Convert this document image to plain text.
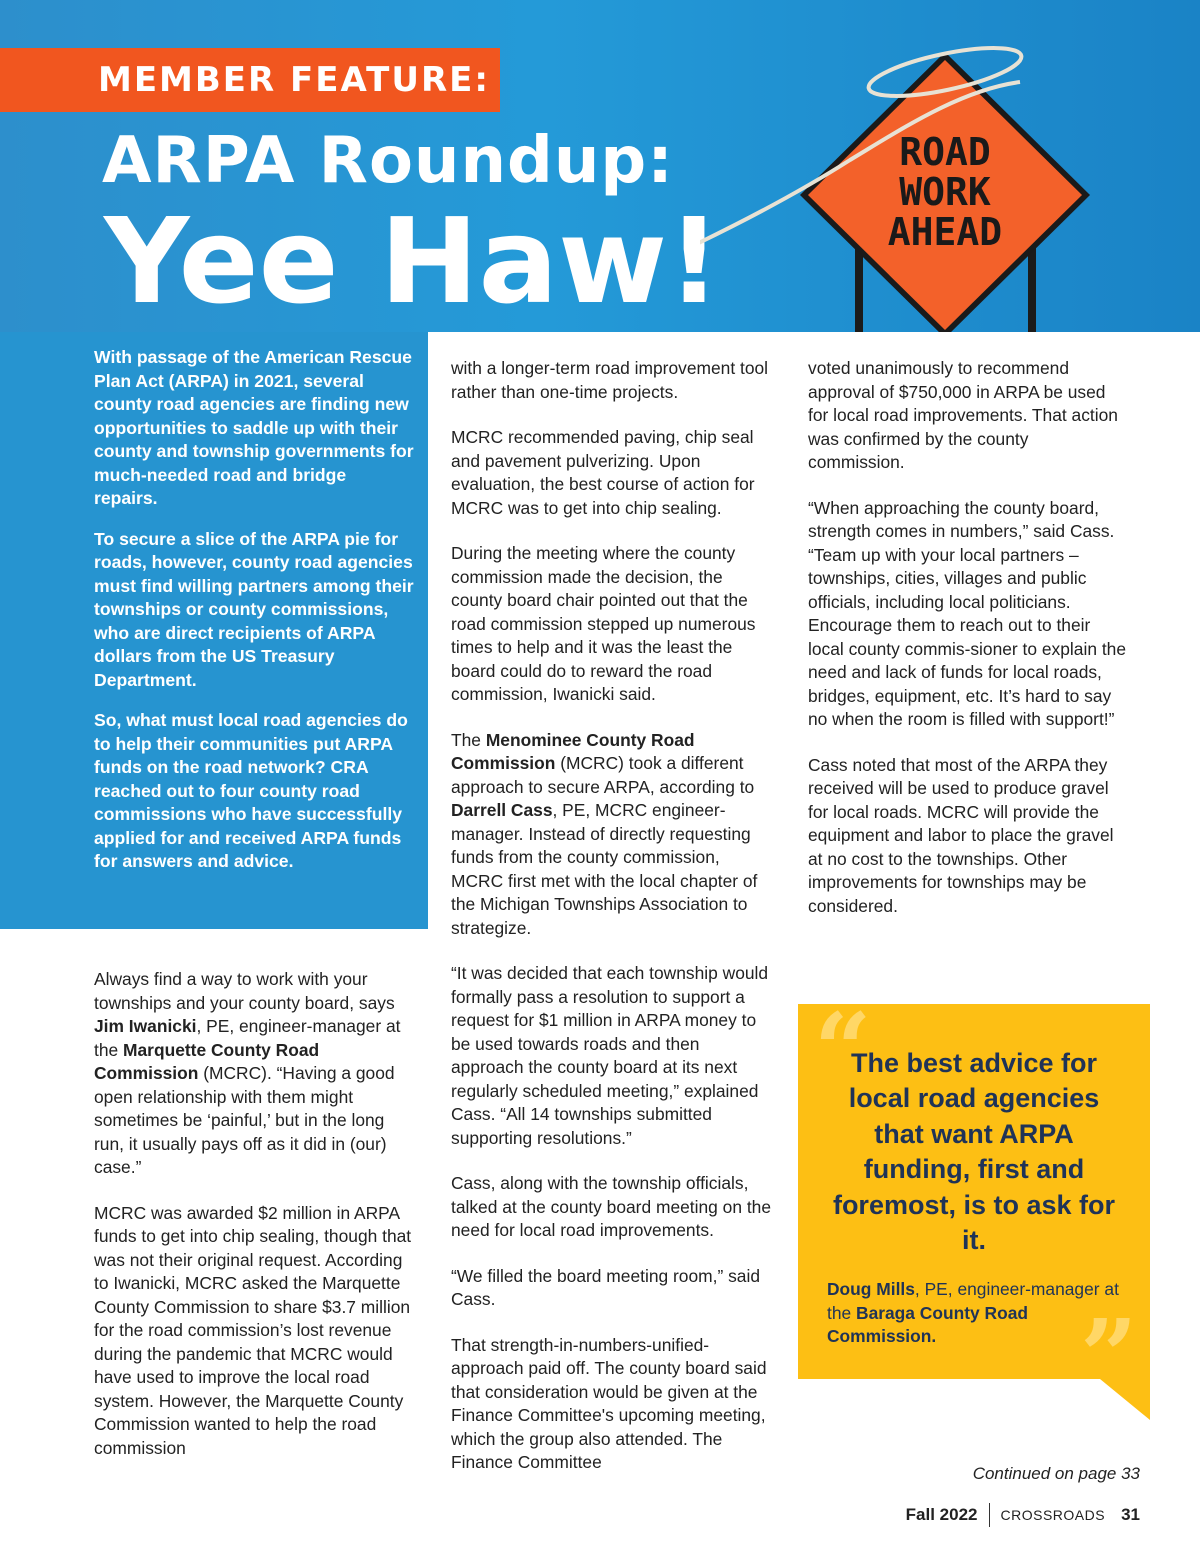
MEMBER FEATURE:
ARPA Roundup:
Yee Haw!
ROAD
WORK
AHEAD

With passage of the American Rescue Plan Act (ARPA) in 2021, several county road agencies are finding new opportunities to saddle up with their county and township governments for much-needed road and bridge repairs.

To secure a slice of the ARPA pie for roads, however, county road agencies must find willing partners among their townships or county commissions, who are direct recipients of ARPA dollars from the US Treasury Department.

So, what must local road agencies do to help their communities put ARPA funds on the road network? CRA reached out to four county road commissions who have successfully applied for and received ARPA funds for answers and advice.

Always find a way to work with your townships and your county board, says Jim Iwanicki, PE, engineer-manager at the Marquette County Road Commission (MCRC). “Having a good open relationship with them might sometimes be ‘painful,’ but in the long run, it usually pays off as it did in (our) case.”

MCRC was awarded $2 million in ARPA funds to get into chip sealing, though that was not their original request. According to Iwanicki, MCRC asked the Marquette County Commission to share $3.7 million for the road commission’s lost revenue during the pandemic that MCRC would have used to improve the local road system. However, the Marquette County Commission wanted to help the road commission

with a longer-term road improvement tool rather than one-time projects.

MCRC recommended paving, chip seal and pavement pulverizing. Upon evaluation, the best course of action for MCRC was to get into chip sealing.

During the meeting where the county commission made the decision, the county board chair pointed out that the road commission stepped up numerous times to help and it was the least the board could do to reward the road commission, Iwanicki said.

The Menominee County Road Commission (MCRC) took a different approach to secure ARPA, according to Darrell Cass, PE, MCRC engineer-manager. Instead of directly requesting funds from the county commission, MCRC first met with the local chapter of the Michigan Townships Association to strategize.

“It was decided that each township would formally pass a resolution to support a request for $1 million in ARPA money to be used towards roads and then approach the county board at its next regularly scheduled meeting,” explained Cass. “All 14 townships submitted supporting resolutions.”

Cass, along with the township officials, talked at the county board meeting on the need for local road improvements.

“We filled the board meeting room,” said Cass.

That strength-in-numbers-unified-approach paid off. The county board said that consideration would be given at the Finance Committee's upcoming meeting, which the group also attended. The Finance Committee

voted unanimously to recommend approval of $750,000 in ARPA be used for local road improvements. That action was confirmed by the county commission.

“When approaching the county board, strength comes in numbers,” said Cass. “Team up with your local partners – townships, cities, villages and public officials, including local politicians. Encourage them to reach out to their local county commis-sioner to explain the need and lack of funds for local roads, bridges, equipment, etc. It’s hard to say no when the room is filled with support!”

Cass noted that most of the ARPA they received will be used to produce gravel for local roads. MCRC will provide the equipment and labor to place the gravel at no cost to the townships. Other improvements for townships may be considered.

“
”
The best advice for local road agencies that want ARPA funding, first and foremost, is to ask for it.
Doug Mills, PE, engineer-manager at the Baraga County Road Commission.
Continued on page 33
Fall 2022 CROSSROADS 31
